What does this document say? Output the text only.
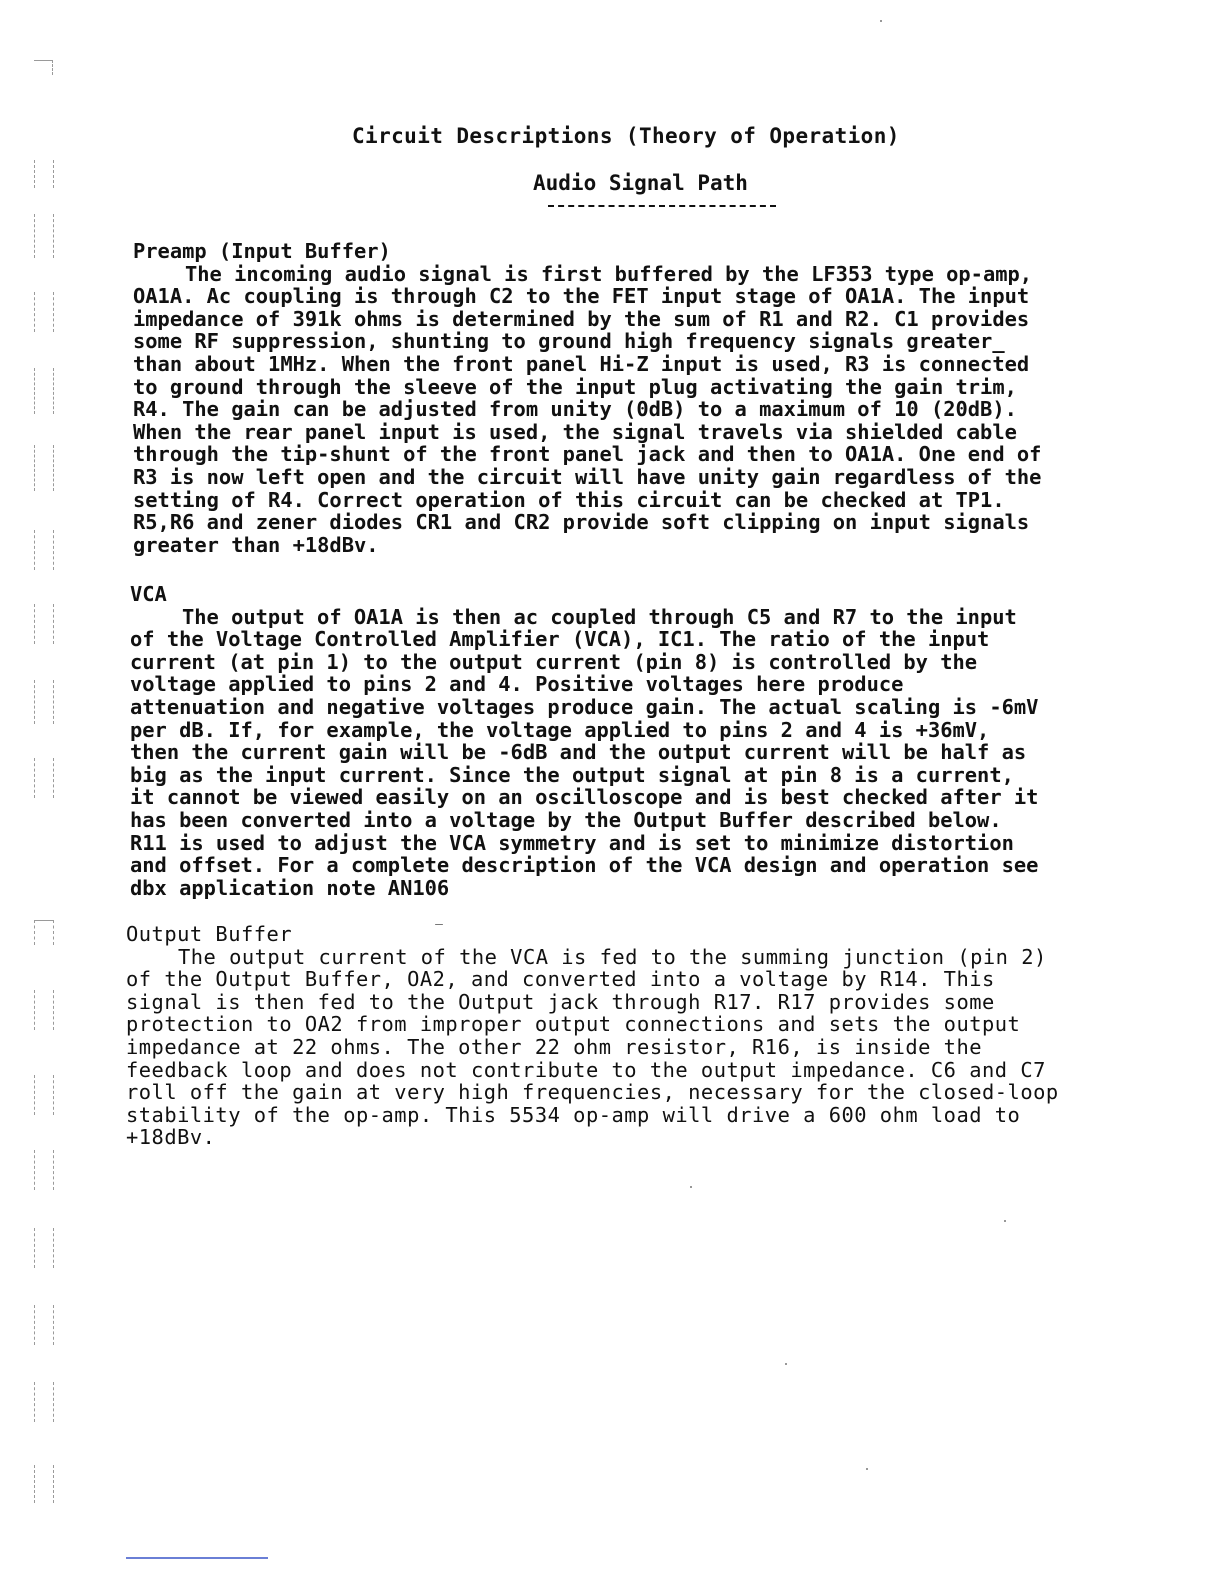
Circuit Descriptions (Theory of Operation)
Audio Signal Path
Preamp (Input Buffer)
The incoming audio signal is first buffered by the LF353 type op-amp,
OA1A. Ac coupling is through C2 to the FET input stage of OA1A. The input
impedance of 391k ohms is determined by the sum of R1 and R2. C1 provides
some RF suppression, shunting to ground high frequency signals greater_
than about 1MHz. When the front panel Hi-Z input is used, R3 is connected
to ground through the sleeve of the input plug activating the gain trim,
R4. The gain can be adjusted from unity (0dB) to a maximum of 10 (20dB).
When the rear panel input is used, the signal travels via shielded cable
through the tip-shunt of the front panel jack and then to OA1A. One end of
R3 is now left open and the circuit will have unity gain regardless of the
setting of R4. Correct operation of this circuit can be checked at TP1.
R5,R6 and zener diodes CR1 and CR2 provide soft clipping on input signals
greater than +18dBv.
VCA
The output of OA1A is then ac coupled through C5 and R7 to the input
of the Voltage Controlled Amplifier (VCA), IC1. The ratio of the input
current (at pin 1) to the output current (pin 8) is controlled by the
voltage applied to pins 2 and 4. Positive voltages here produce
attenuation and negative voltages produce gain. The actual scaling is -6mV
per dB. If, for example, the voltage applied to pins 2 and 4 is +36mV,
then the current gain will be -6dB and the output current will be half as
big as the input current. Since the output signal at pin 8 is a current,
it cannot be viewed easily on an oscilloscope and is best checked after it
has been converted into a voltage by the Output Buffer described below.
R11 is used to adjust the VCA symmetry and is set to minimize distortion
and offset. For a complete description of the VCA design and operation see
dbx application note AN106
Output Buffer
The output current of the VCA is fed to the summing junction (pin 2)
of the Output Buffer, OA2, and converted into a voltage by R14. This
signal is then fed to the Output jack through R17. R17 provides some
protection to OA2 from improper output connections and sets the output
impedance at 22 ohms. The other 22 ohm resistor, R16, is inside the
feedback loop and does not contribute to the output impedance. C6 and C7
roll off the gain at very high frequencies, necessary for the closed-loop
stability of the op-amp. This 5534 op-amp will drive a 600 ohm load to
+18dBv.
